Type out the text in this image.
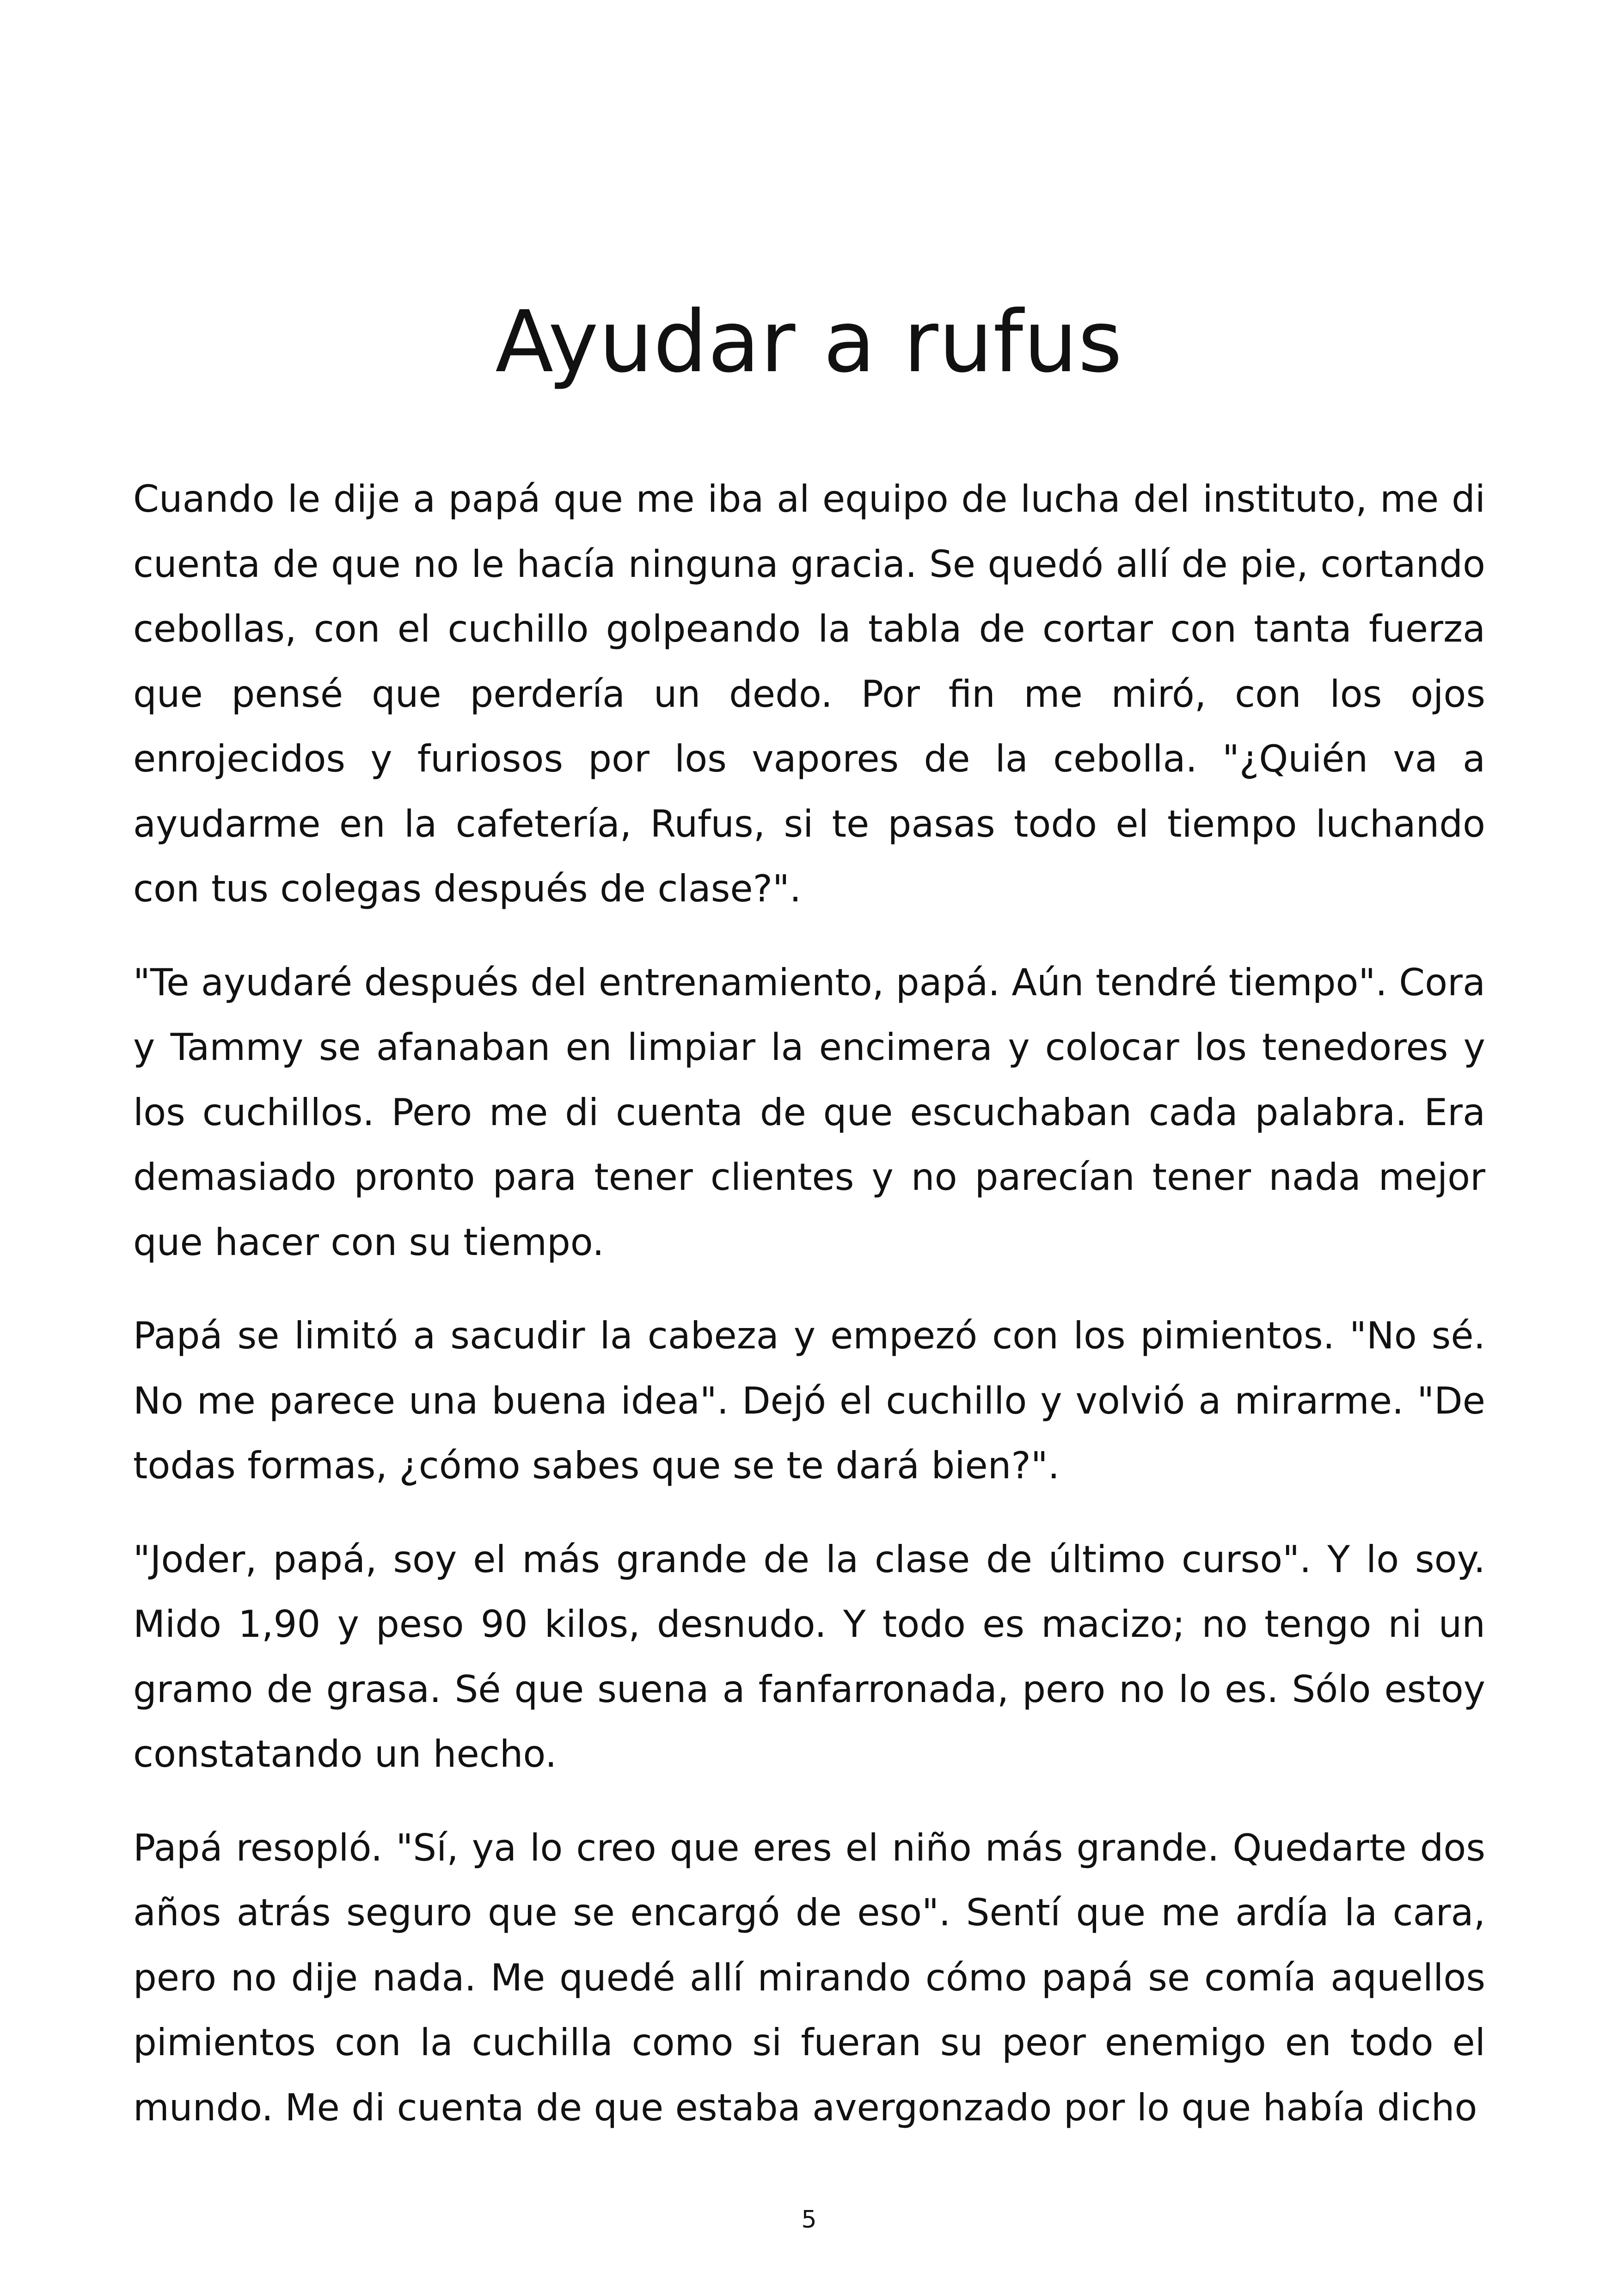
Ayudar a rufus

Cuando le dije a papá que me iba al equipo de lucha del instituto, me di cuenta de que no le hacía ninguna gracia. Se quedó allí de pie, cortando cebollas, con el cuchillo golpeando la tabla de cortar con tanta fuerza que pensé que perdería un dedo. Por fin me miró, con los ojos enrojecidos y furiosos por los vapores de la cebolla. "¿Quién va a ayudarme en la cafetería, Rufus, si te pasas todo el tiempo luchando con tus colegas después de clase?".

"Te ayudaré después del entrenamiento, papá. Aún tendré tiempo". Cora y Tammy se afanaban en limpiar la encimera y colocar los tenedores y los cuchillos. Pero me di cuenta de que escuchaban cada palabra. Era demasiado pronto para tener clientes y no parecían tener nada mejor que hacer con su tiempo.

Papá se limitó a sacudir la cabeza y empezó con los pimientos. "No sé. No me parece una buena idea". Dejó el cuchillo y volvió a mirarme. "De todas formas, ¿cómo sabes que se te dará bien?".

"Joder, papá, soy el más grande de la clase de último curso". Y lo soy. Mido 1,90 y peso 90 kilos, desnudo. Y todo es macizo; no tengo ni un gramo de grasa. Sé que suena a fanfarronada, pero no lo es. Sólo estoy constatando un hecho.

Papá resopló. "Sí, ya lo creo que eres el niño más grande. Quedarte dos años atrás seguro que se encargó de eso". Sentí que me ardía la cara, pero no dije nada. Me quedé allí mirando cómo papá se comía aquellos pimientos con la cuchilla como si fueran su peor enemigo en todo el mundo. Me di cuenta de que estaba avergonzado por lo que había dicho

5
